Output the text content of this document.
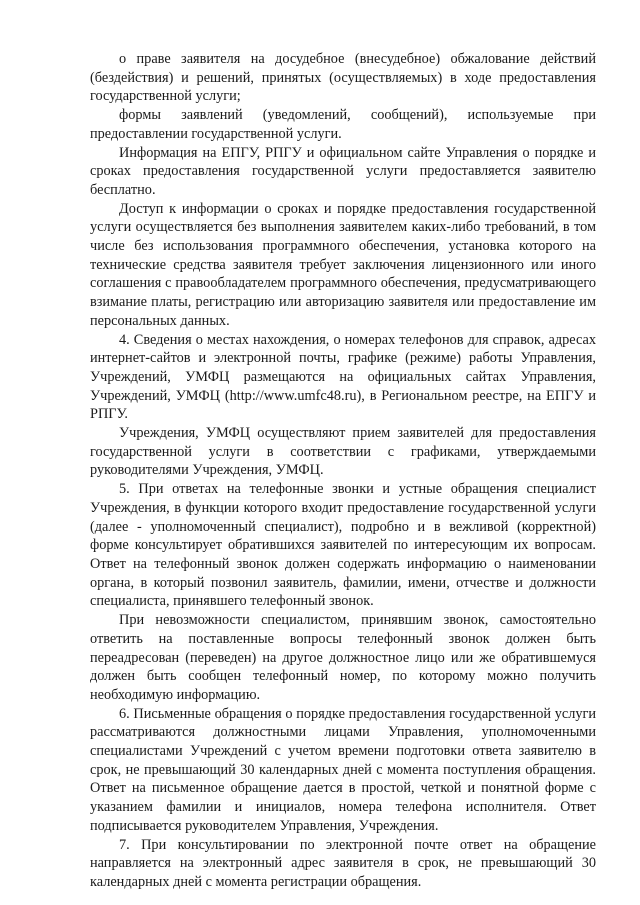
о праве заявителя на досудебное (внесудебное) обжалование действий (бездействия) и решений, принятых (осуществляемых) в ходе предоставления государственной услуги;

формы заявлений (уведомлений, сообщений), используемые при предоставлении государственной услуги.

Информация на ЕПГУ, РПГУ и официальном сайте Управления о порядке и сроках предоставления государственной услуги предоставляется заявителю бесплатно.

Доступ к информации о сроках и порядке предоставления государственной услуги осуществляется без выполнения заявителем каких-либо требований, в том числе без использования программного обеспечения, установка которого на технические средства заявителя требует заключения лицензионного или иного соглашения с правообладателем программного обеспечения, предусматривающего взимание платы, регистрацию или авторизацию заявителя или предоставление им персональных данных.

4. Сведения о местах нахождения, о номерах телефонов для справок, адресах интернет-сайтов и электронной почты, графике (режиме) работы Управления, Учреждений, УМФЦ размещаются на официальных сайтах Управления, Учреждений, УМФЦ (http://www.umfc48.ru), в Региональном реестре, на ЕПГУ и РПГУ.

Учреждения, УМФЦ осуществляют прием заявителей для предоставления государственной услуги в соответствии с графиками, утверждаемыми руководителями Учреждения, УМФЦ.

5. При ответах на телефонные звонки и устные обращения специалист Учреждения, в функции которого входит предоставление государственной услуги (далее - уполномоченный специалист), подробно и в вежливой (корректной) форме консультирует обратившихся заявителей по интересующим их вопросам. Ответ на телефонный звонок должен содержать информацию о наименовании органа, в который позвонил заявитель, фамилии, имени, отчестве и должности специалиста, принявшего телефонный звонок.

При невозможности специалистом, принявшим звонок, самостоятельно ответить на поставленные вопросы телефонный звонок должен быть переадресован (переведен) на другое должностное лицо или же обратившемуся должен быть сообщен телефонный номер, по которому можно получить необходимую информацию.

6. Письменные обращения о порядке предоставления государственной услуги рассматриваются должностными лицами Управления, уполномоченными специалистами Учреждений с учетом времени подготовки ответа заявителю в срок, не превышающий 30 календарных дней с момента поступления обращения. Ответ на письменное обращение дается в простой, четкой и понятной форме с указанием фамилии и инициалов, номера телефона исполнителя. Ответ подписывается руководителем Управления, Учреждения.

7. При консультировании по электронной почте ответ на обращение направляется на электронный адрес заявителя в срок, не превышающий 30 календарных дней с момента регистрации обращения.
